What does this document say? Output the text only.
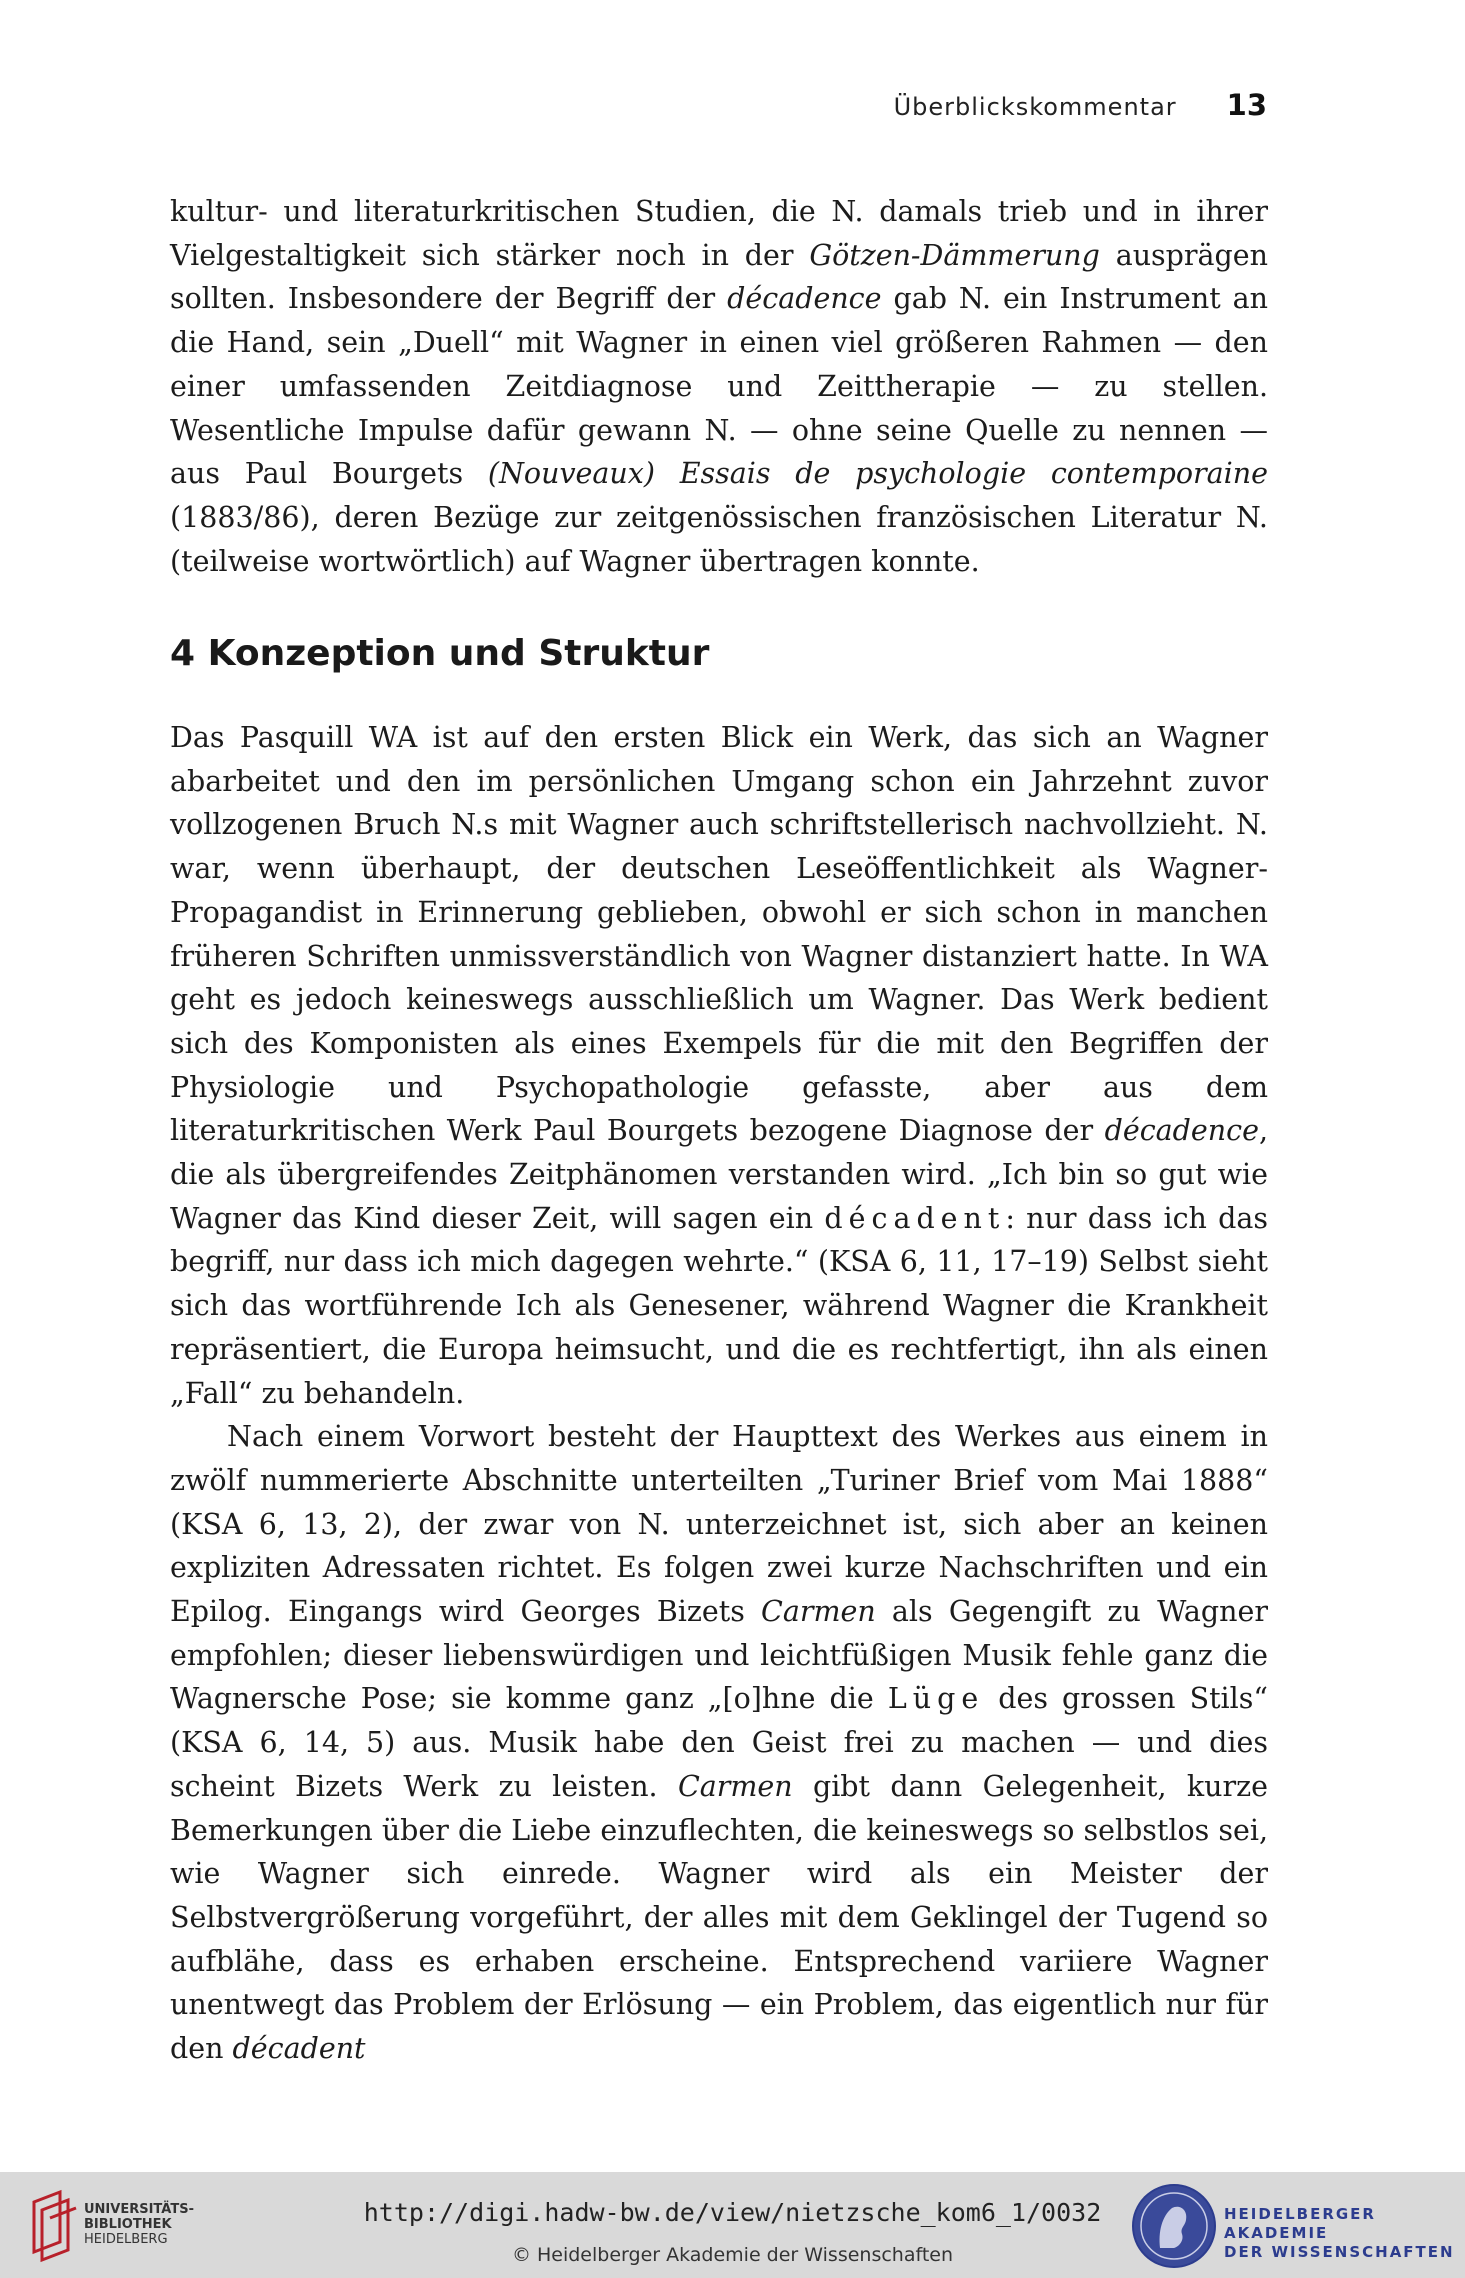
Überblickskommentar 13

kultur- und literaturkritischen Studien, die N. damals trieb und in ihrer Vielgestaltigkeit sich stärker noch in der Götzen-Dämmerung ausprägen sollten. Insbesondere der Begriff der décadence gab N. ein Instrument an die Hand, sein „Duell“ mit Wagner in einen viel größeren Rahmen — den einer umfassenden Zeitdiagnose und Zeittherapie — zu stellen. Wesentliche Impulse dafür gewann N. — ohne seine Quelle zu nennen — aus Paul Bourgets (Nouveaux) Essais de psychologie contemporaine (1883/86), deren Bezüge zur zeitgenössischen französischen Literatur N. (teilweise wortwörtlich) auf Wagner übertragen konnte.

4 Konzeption und Struktur

Das Pasquill WA ist auf den ersten Blick ein Werk, das sich an Wagner abarbeitet und den im persönlichen Umgang schon ein Jahrzehnt zuvor vollzogenen Bruch N.s mit Wagner auch schriftstellerisch nachvollzieht. N. war, wenn überhaupt, der deutschen Leseöffentlichkeit als Wagner-Propagandist in Erinnerung geblieben, obwohl er sich schon in manchen früheren Schriften unmissverständlich von Wagner distanziert hatte. In WA geht es jedoch keineswegs ausschließlich um Wagner. Das Werk bedient sich des Komponisten als eines Exempels für die mit den Begriffen der Physiologie und Psychopathologie gefasste, aber aus dem literaturkritischen Werk Paul Bourgets bezogene Diagnose der décadence, die als übergreifendes Zeitphänomen verstanden wird. „Ich bin so gut wie Wagner das Kind dieser Zeit, will sagen ein décadent: nur dass ich das begriff, nur dass ich mich dagegen wehrte.“ (KSA 6, 11, 17–19) Selbst sieht sich das wortführende Ich als Genesener, während Wagner die Krankheit repräsentiert, die Europa heimsucht, und die es rechtfertigt, ihn als einen „Fall“ zu behandeln.

Nach einem Vorwort besteht der Haupttext des Werkes aus einem in zwölf nummerierte Abschnitte unterteilten „Turiner Brief vom Mai 1888“ (KSA 6, 13, 2), der zwar von N. unterzeichnet ist, sich aber an keinen expliziten Adressaten richtet. Es folgen zwei kurze Nachschriften und ein Epilog. Eingangs wird Georges Bizets Carmen als Gegengift zu Wagner empfohlen; dieser liebenswürdigen und leichtfüßigen Musik fehle ganz die Wagnersche Pose; sie komme ganz „[o]hne die Lüge des grossen Stils“ (KSA 6, 14, 5) aus. Musik habe den Geist frei zu machen — und dies scheint Bizets Werk zu leisten. Carmen gibt dann Gelegenheit, kurze Bemerkungen über die Liebe einzuflechten, die keineswegs so selbstlos sei, wie Wagner sich einrede. Wagner wird als ein Meister der Selbstvergrößerung vorgeführt, der alles mit dem Geklingel der Tugend so aufblähe, dass es erhaben erscheine. Entsprechend variiere Wagner unentwegt das Problem der Erlösung — ein Problem, das eigentlich nur für den décadent

UNIVERSITÄTS-
BIBLIOTHEK
HEIDELBERG
http://digi.hadw-bw.de/view/nietzsche_kom6_1/0032
© Heidelberger Akademie der Wissenschaften
HEIDELBERGER AKADEMIE
DER WISSENSCHAFTEN
